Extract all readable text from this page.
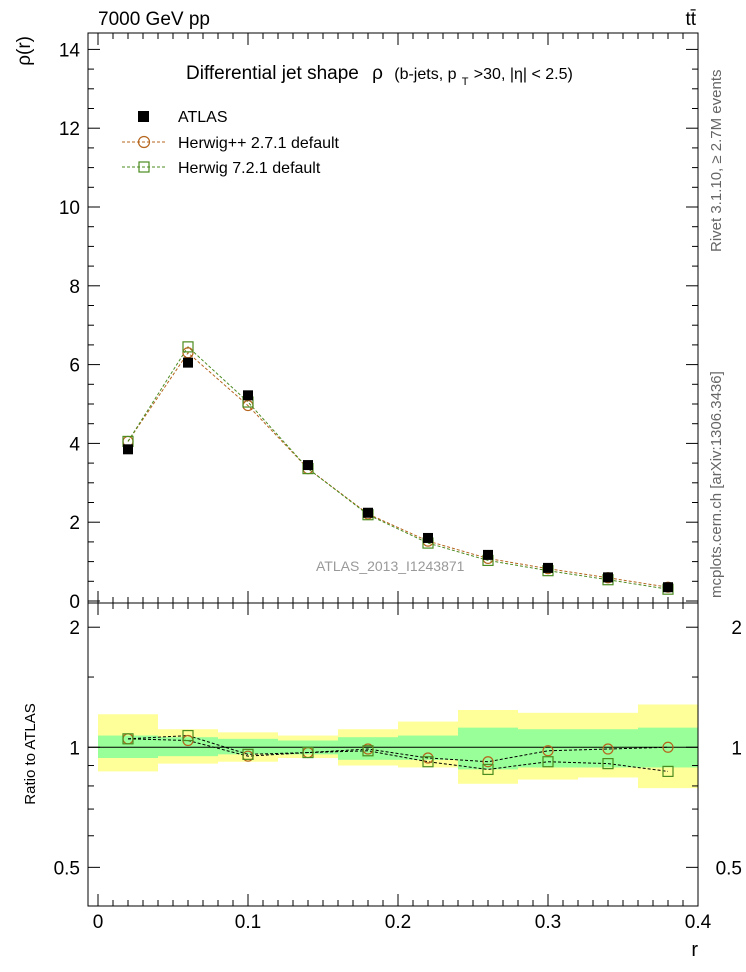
Rivet 3.1.10, ≥ 2.7M events
mcplots.cern.ch [arXiv:1306.3436]
7000 GeV pp	tt̄
0
2
4
6
8
10
12
14
ρ(r)
Differential jet shape ρ (b-jets, p $_T$ $^{>30, |\eta| < 2.5)}$
ATLAS
Herwig++ 2.7.1 default
Herwig 7.2.1 default
ATLAS_2013_I1243871
0.5	0.5
1	1
2	2
Ratio to ATLAS
0	0.1	0.2	0.3	0.4
r
